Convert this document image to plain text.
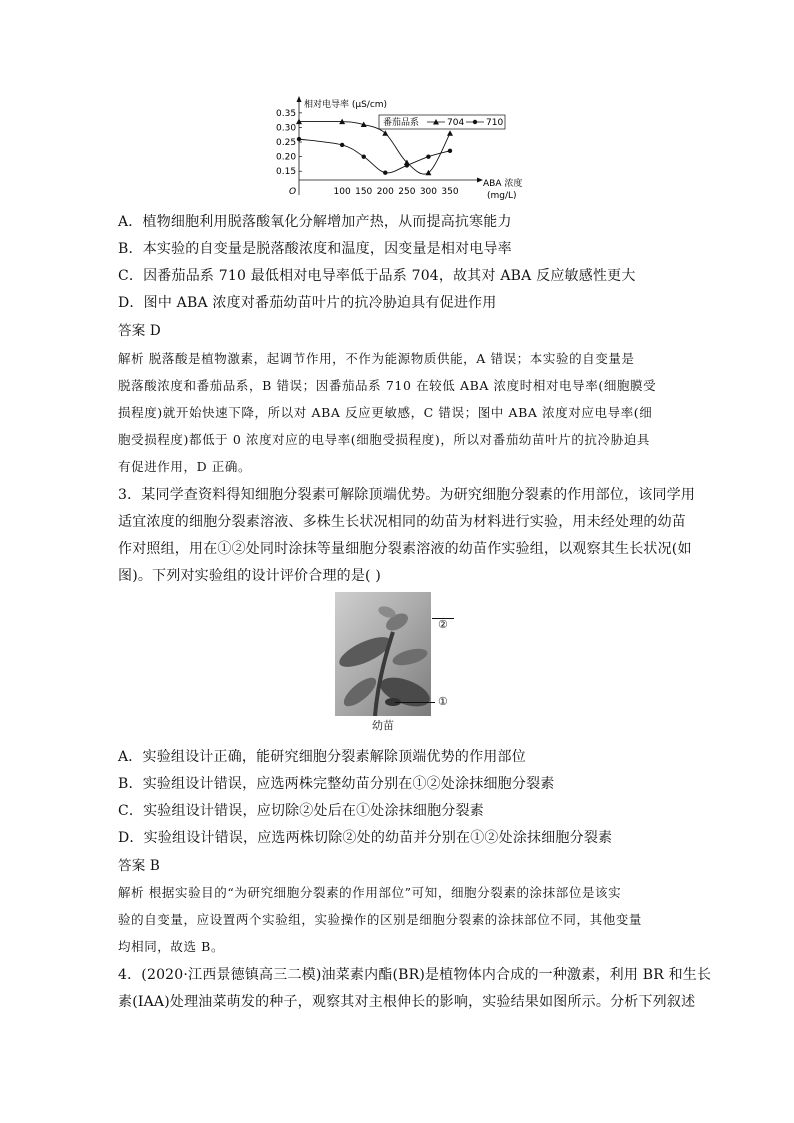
相对电导率 (μS/cm)
ABA 浓度
(mg/L)
O
0.35
0.30
0.25
0.20
0.15
100 150 200 250 300 350
番茄品系	704 710
A．植物细胞利用脱落酸氧化分解增加产热，从而提高抗寒能力
B．本实验的自变量是脱落酸浓度和温度，因变量是相对电导率
C．因番茄品系 710 最低相对电导率低于品系 704，故其对 ABA 反应敏感性更大
D．图中 ABA 浓度对番茄幼苗叶片的抗冷胁迫具有促进作用
答案 D
解析 脱落酸是植物激素，起调节作用，不作为能源物质供能，A 错误；本实验的自变量是
脱落酸浓度和番茄品系，B 错误；因番茄品系 710 在较低 ABA 浓度时相对电导率(细胞膜受
损程度)就开始快速下降，所以对 ABA 反应更敏感，C 错误；图中 ABA 浓度对应电导率(细
胞受损程度)都低于 0 浓度对应的电导率(细胞受损程度)，所以对番茄幼苗叶片的抗冷胁迫具
有促进作用，D 正确。
3．某同学查资料得知细胞分裂素可解除顶端优势。为研究细胞分裂素的作用部位，该同学用
适宜浓度的细胞分裂素溶液、多株生长状况相同的幼苗为材料进行实验，用未经处理的幼苗
作对照组，用在①②处同时涂抹等量细胞分裂素溶液的幼苗作实验组，以观察其生长状况(如
图)。下列对实验组的设计评价合理的是( )
②
①
幼苗
A．实验组设计正确，能研究细胞分裂素解除顶端优势的作用部位
B．实验组设计错误，应选两株完整幼苗分别在①②处涂抹细胞分裂素
C．实验组设计错误，应切除②处后在①处涂抹细胞分裂素
D．实验组设计错误，应选两株切除②处的幼苗并分别在①②处涂抹细胞分裂素
答案 B
解析 根据实验目的“为研究细胞分裂素的作用部位”可知，细胞分裂素的涂抹部位是该实
验的自变量，应设置两个实验组，实验操作的区别是细胞分裂素的涂抹部位不同，其他变量
均相同，故选 B。
4．(2020·江西景德镇高三二模)油菜素内酯(BR)是植物体内合成的一种激素，利用 BR 和生长
素(IAA)处理油菜萌发的种子，观察其对主根伸长的影响，实验结果如图所示。分析下列叙述
